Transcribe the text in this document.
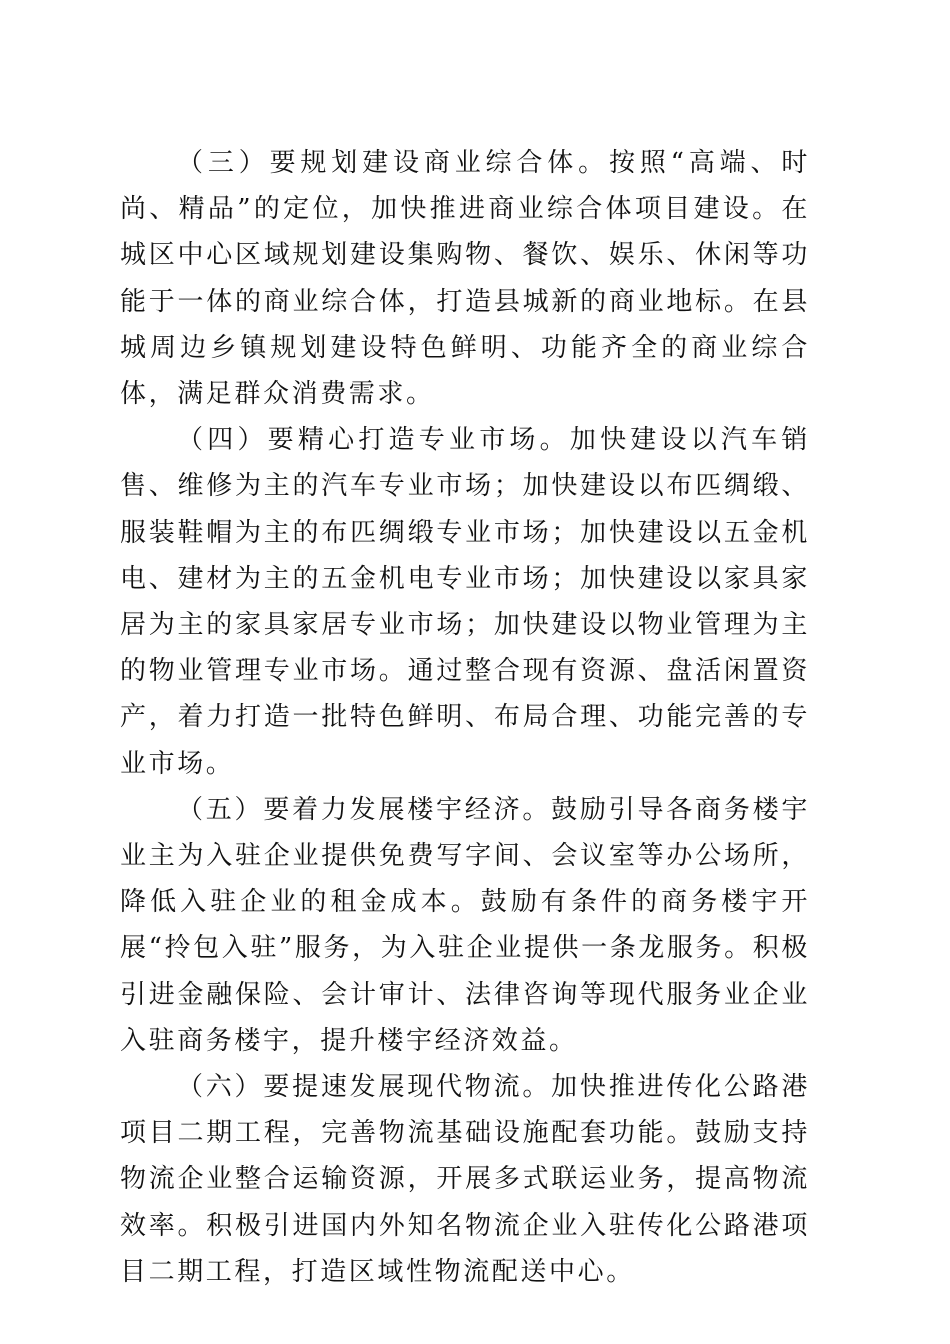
（三）要规划建设商业综合体。按照“高端、时尚、精品”的定位，加快推进商业综合体项目建设。在城区中心区域规划建设集购物、餐饮、娱乐、休闲等功能于一体的商业综合体，打造县城新的商业地标。在县城周边乡镇规划建设特色鲜明、功能齐全的商业综合体，满足群众消费需求。

（四）要精心打造专业市场。加快建设以汽车销售、维修为主的汽车专业市场；加快建设以布匹绸缎、服装鞋帽为主的布匹绸缎专业市场；加快建设以五金机电、建材为主的五金机电专业市场；加快建设以家具家居为主的家具家居专业市场；加快建设以物业管理为主的物业管理专业市场。通过整合现有资源、盘活闲置资产，着力打造一批特色鲜明、布局合理、功能完善的专业市场。

（五）要着力发展楼宇经济。鼓励引导各商务楼宇业主为入驻企业提供免费写字间、会议室等办公场所，降低入驻企业的租金成本。鼓励有条件的商务楼宇开展“拎包入驻”服务，为入驻企业提供一条龙服务。积极引进金融保险、会计审计、法律咨询等现代服务业企业入驻商务楼宇，提升楼宇经济效益。

（六）要提速发展现代物流。加快推进传化公路港项目二期工程，完善物流基础设施配套功能。鼓励支持物流企业整合运输资源，开展多式联运业务，提高物流效率。积极引进国内外知名物流企业入驻传化公路港项目二期工程，打造区域性物流配送中心。
